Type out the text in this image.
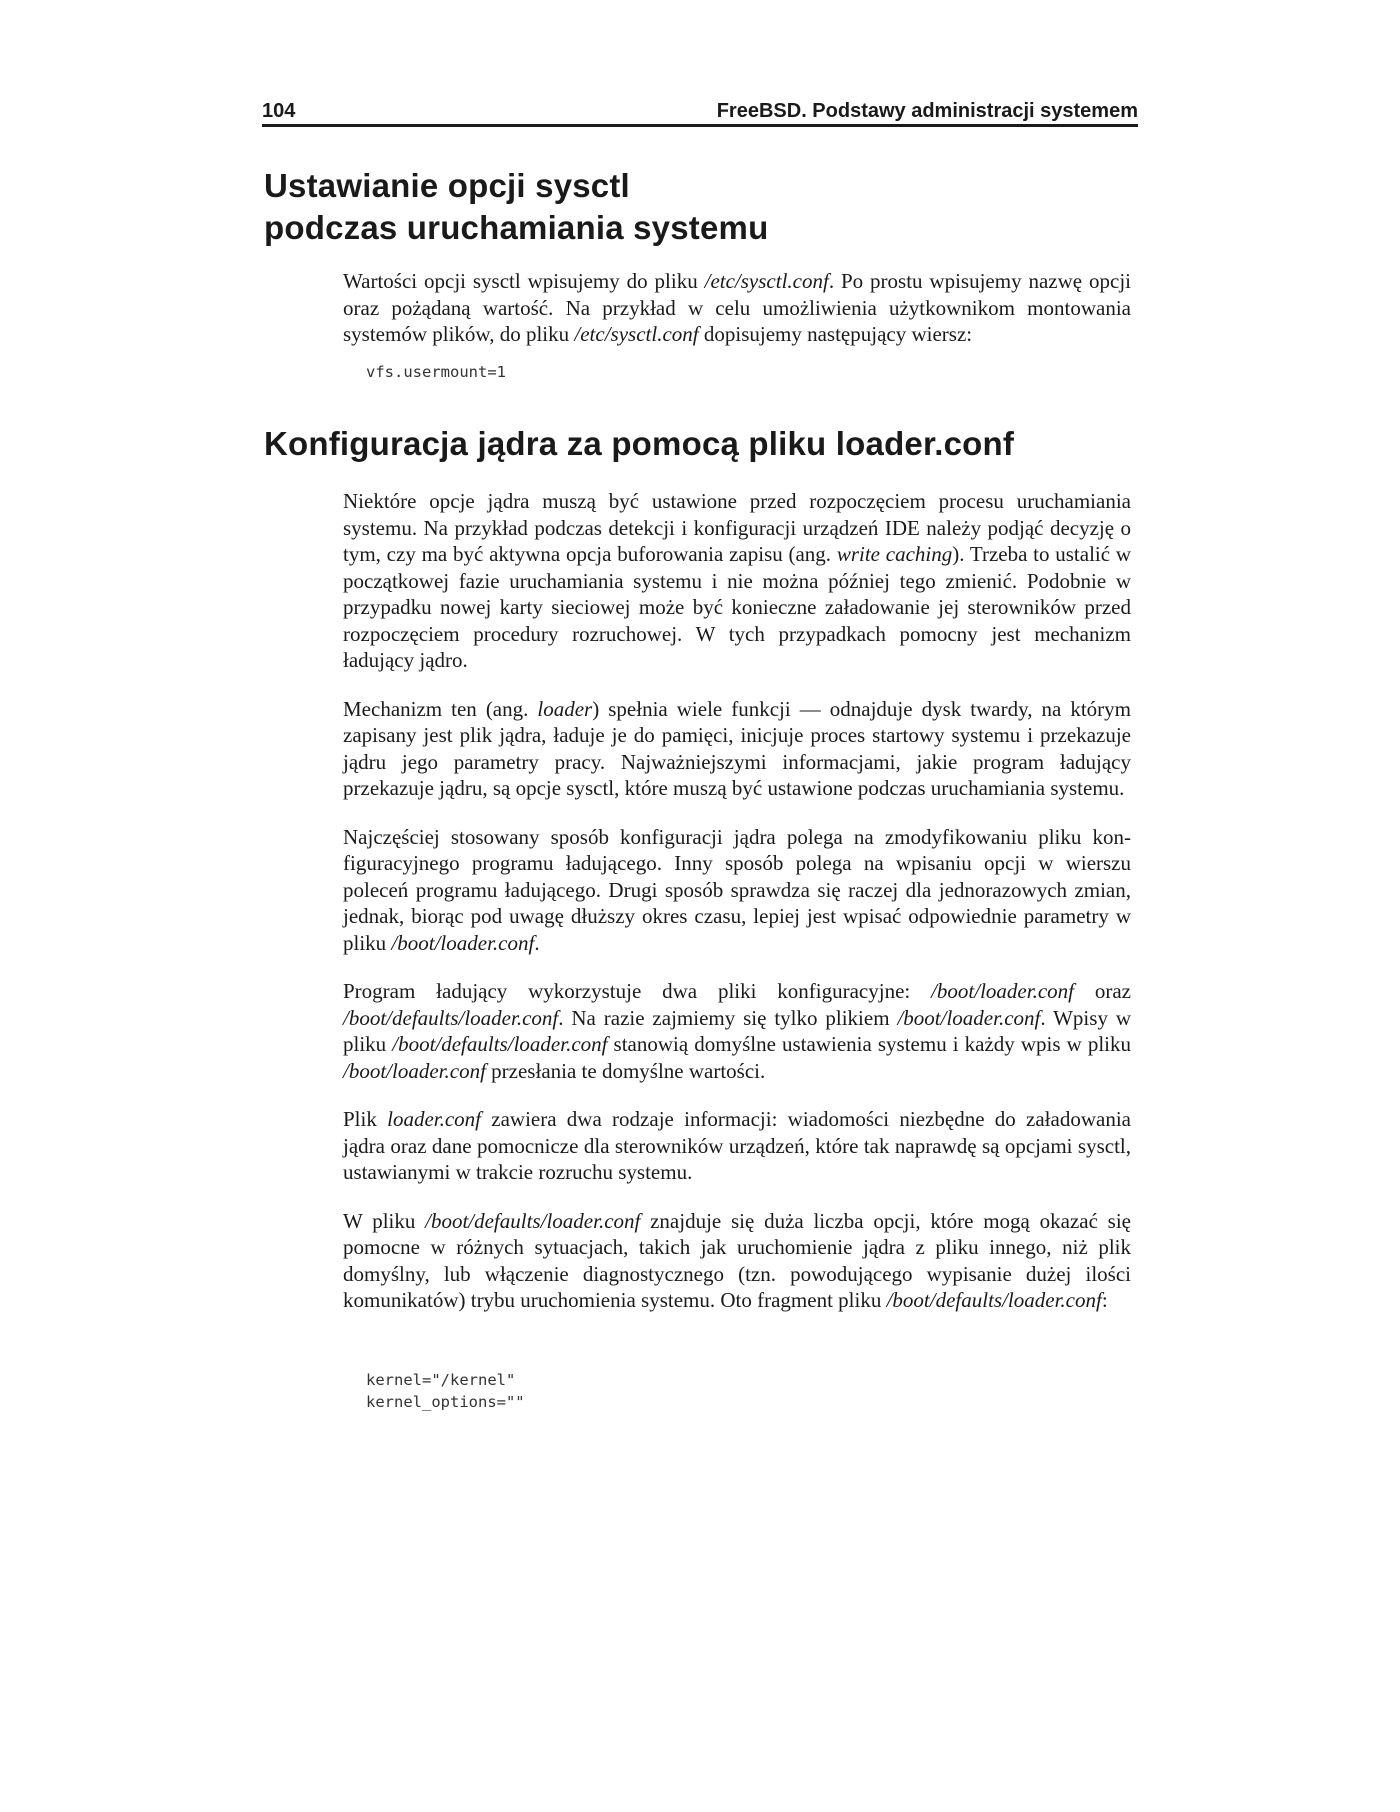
104	FreeBSD. Podstawy administracji systemem
Ustawianie opcji sysctl
podczas uruchamiania systemu

Wartości opcji sysctl wpisujemy do pliku /etc/sysctl.conf. Po prostu wpisujemy nazwę opcji oraz pożądaną wartość. Na przykład w celu umożliwienia użytkownikom montowania systemów plików, do pliku /etc/sysctl.conf dopisujemy następujący wiersz:

vfs.usermount=1
Konfiguracja jądra za pomocą pliku loader.conf

Niektóre opcje jądra muszą być ustawione przed rozpoczęciem procesu uruchamiania systemu. Na przykład podczas detekcji i konfiguracji urządzeń IDE należy podjąć decyzję o tym, czy ma być aktywna opcja buforowania zapisu (ang. write caching). Trzeba to ustalić w początkowej fazie uruchamiania systemu i nie można później tego zmienić. Podobnie w przypadku nowej karty sieciowej może być konieczne załadowanie jej sterowników przed rozpoczęciem procedury rozruchowej. W tych przypadkach pomocny jest mechanizm ładujący jądro.

Mechanizm ten (ang. loader) spełnia wiele funkcji — odnajduje dysk twardy, na którym zapisany jest plik jądra, ładuje je do pamięci, inicjuje proces startowy systemu i przekazuje jądru jego parametry pracy. Najważniejszymi informacjami, jakie program ładujący przekazuje jądru, są opcje sysctl, które muszą być ustawione podczas uruchamiania systemu.

Najczęściej stosowany sposób konfiguracji jądra polega na zmodyfikowaniu pliku konfiguracyjnego programu ładującego. Inny sposób polega na wpisaniu opcji w wierszu poleceń programu ładującego. Drugi sposób sprawdza się raczej dla jednorazowych zmian, jednak, biorąc pod uwagę dłuższy okres czasu, lepiej jest wpisać odpowiednie parametry w pliku /boot/loader.conf.

Program ładujący wykorzystuje dwa pliki konfiguracyjne: /boot/loader.conf oraz /boot/defaults/loader.conf. Na razie zajmiemy się tylko plikiem /boot/loader.conf. Wpisy w pliku /boot/defaults/loader.conf stanowią domyślne ustawienia systemu i każdy wpis w pliku /boot/loader.conf przesłania te domyślne wartości.

Plik loader.conf zawiera dwa rodzaje informacji: wiadomości niezbędne do załadowania jądra oraz dane pomocnicze dla sterowników urządzeń, które tak naprawdę są opcjami sysctl, ustawianymi w trakcie rozruchu systemu.

W pliku /boot/defaults/loader.conf znajduje się duża liczba opcji, które mogą okazać się pomocne w różnych sytuacjach, takich jak uruchomienie jądra z pliku innego, niż plik domyślny, lub włączenie diagnostycznego (tzn. powodującego wypisanie dużej ilości komunikatów) trybu uruchomienia systemu. Oto fragment pliku /boot/defaults/loader.conf:

kernel="/kernel"
kernel_options=""
